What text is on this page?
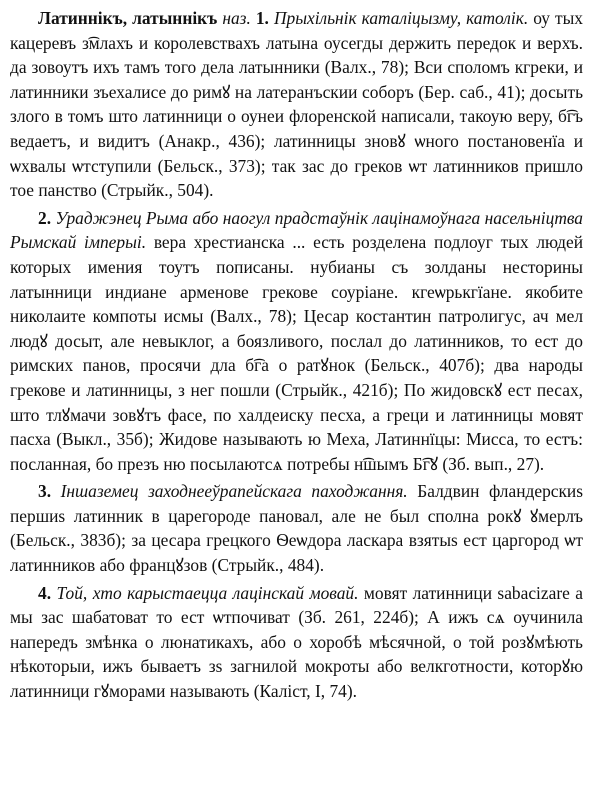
Латиннікъ, латыннікъ наз. 1. Прыхільнік каталіцызму, католік. оу тых кацеревъ з͡млахъ и королевствахъ латына оусегды держить передок и верхъ. да зовоутъ ихъ тамъ того дела латынники (Валх., 78); Вси споломъ кгреки, и латинники зъехалисе до римꙋ на латеранъскии соборъ (Бер. саб., 41); досыть злого в томъ што латинници о оунеи флоренской написали, такоую веру, б͡гъ ведаетъ, и видитъ (Анакр., 436); латинницы зновꙋ ѡного постановенїа и ѡхвалы ѡтступили (Бельск., 373); так зас до греков ѡт латинников пришло тое панство (Стрыйк., 504).

2. Ураджэнец Рыма або наогул прадстаўнік лацінамоўнага насельніцтва Рымскай імперыі. вера хрестианска ... есть розделена подлоуг тых людей которых имения тоутъ пописаны. нубианы съ золданы несторины латынници индиане арменове грекове соуріане. кгеѡрькгїане. якобите николаите компоты исмы (Валх., 78); Цесар костантин патролигус, ач мел людꙋ досыт, але невыклог, а боязливого, послал до латинников, то ест до римских панов, просячи дла б͡га о ратꙋнок (Бельск., 407б); два народы грекове и латинницы, з нег пошли (Стрыйк., 421б); По жидовскꙋ ест песах, што тлꙋмачи зовꙋтъ фасе, по халдеиску песха, а греци и латинницы мовят пасха (Выкл., 35б); Жидове называють ю Меха, Латиннїцы: Мисса, то естъ: посланная, бо презъ ню посылаютсѧ потребы н͡шымъ Б͡гꙋ (Зб. вып., 27).

3. Іншаземец заходнееўрапейскага паходжання. Балдвин фландерскиs першиs латинник в царегороде пановал, але не был сполна рокꙋ ꙋмерлъ (Бельск., 383б); за цесара грецкого Ѳеѡдора ласкара взятыs ест царгород ѡт латинников або францꙋзов (Стрыйк., 484).

4. Той, хто карыстаецца лацінскай мовай. мовят латинници sabacizare а мы зас шабатоват то ест ѡтпочиват (Зб. 261, 224б); А ижъ сѧ оучинила напередъ змѣнка о люнатикахъ, або о хоробѣ мѣсячной, о той розꙋмѣють нѣкоторыи, ижъ бываетъ зs загнилой мокроты або велкготности, которꙋю латинници гꙋморами называють (Каліст, I, 74).
